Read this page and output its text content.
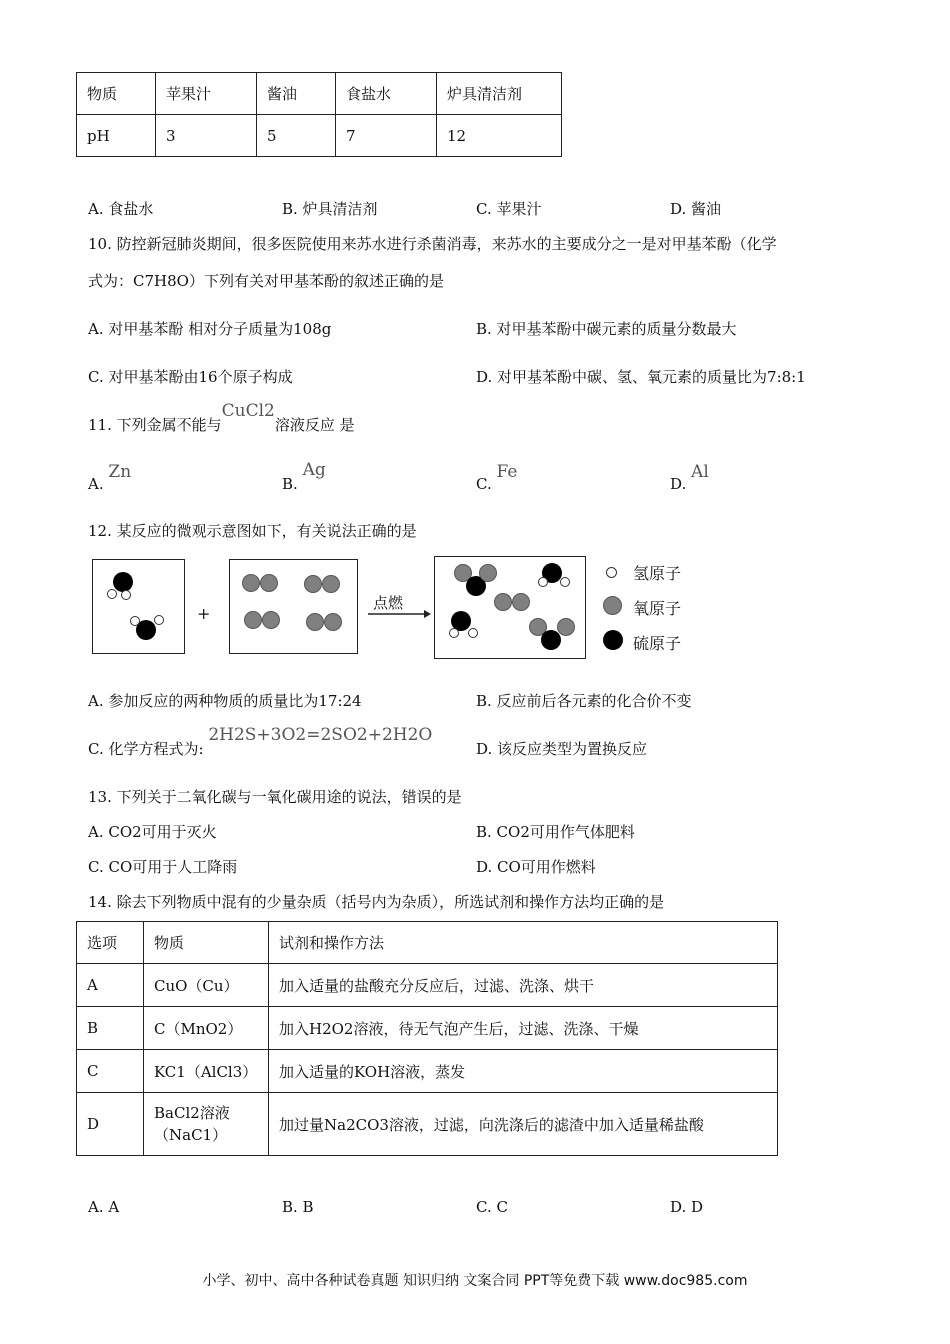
物质	苹果汁	酱油	食盐水	炉具清洁剂
pH	3	5	7	12
A. 食盐水	B. 炉具清洁剂	C. 苹果汁	D. 酱油
10. 防控新冠肺炎期间，很多医院使用来苏水进行杀菌消毒，来苏水的主要成分之一是对甲基苯酚（化学
式为：C7H8O）下列有关对甲基苯酚的叙述正确的是
A. 对甲基苯酚 相对分子质量为108g	B. 对甲基苯酚中碳元素的质量分数最大
C. 对甲基苯酚由16个原子构成	D. 对甲基苯酚中碳、氢、氧元素的质量比为7:8:1
11. 下列金属不能与CuCl2溶液反应 是
A. Zn
B. Ag
C. Fe
D. Al
12. 某反应的微观示意图如下，有关说法正确的是
+
点燃
氢原子
氧原子
硫原子
A. 参加反应的两种物质的质量比为17:24	B. 反应前后各元素的化合价不变
C. 化学方程式为: 2H2S+3O2=2SO2+2H2O
D. 该反应类型为置换反应
13. 下列关于二氧化碳与一氧化碳用途的说法，错误的是
A. CO2可用于灭火	B. CO2可用作气体肥料
C. CO可用于人工降雨	D. CO可用作燃料
14. 除去下列物质中混有的少量杂质（括号内为杂质），所选试剂和操作方法均正确的是
选项	物质	试剂和操作方法
A	CuO（Cu）	加入适量的盐酸充分反应后，过滤、洗涤、烘干
B	C（MnO2）	加入H2O2溶液，待无气泡产生后，过滤、洗涤、干燥
C	KC1（AlCl3）	加入适量的KOH溶液，蒸发
D	BaCl2溶液（NaC1）	加过量Na2CO3溶液，过滤，向洗涤后的滤渣中加入适量稀盐酸
A. A	B. B	C. C	D. D
小学、初中、高中各种试卷真题 知识归纳 文案合同 PPT等免费下载 www.doc985.com
